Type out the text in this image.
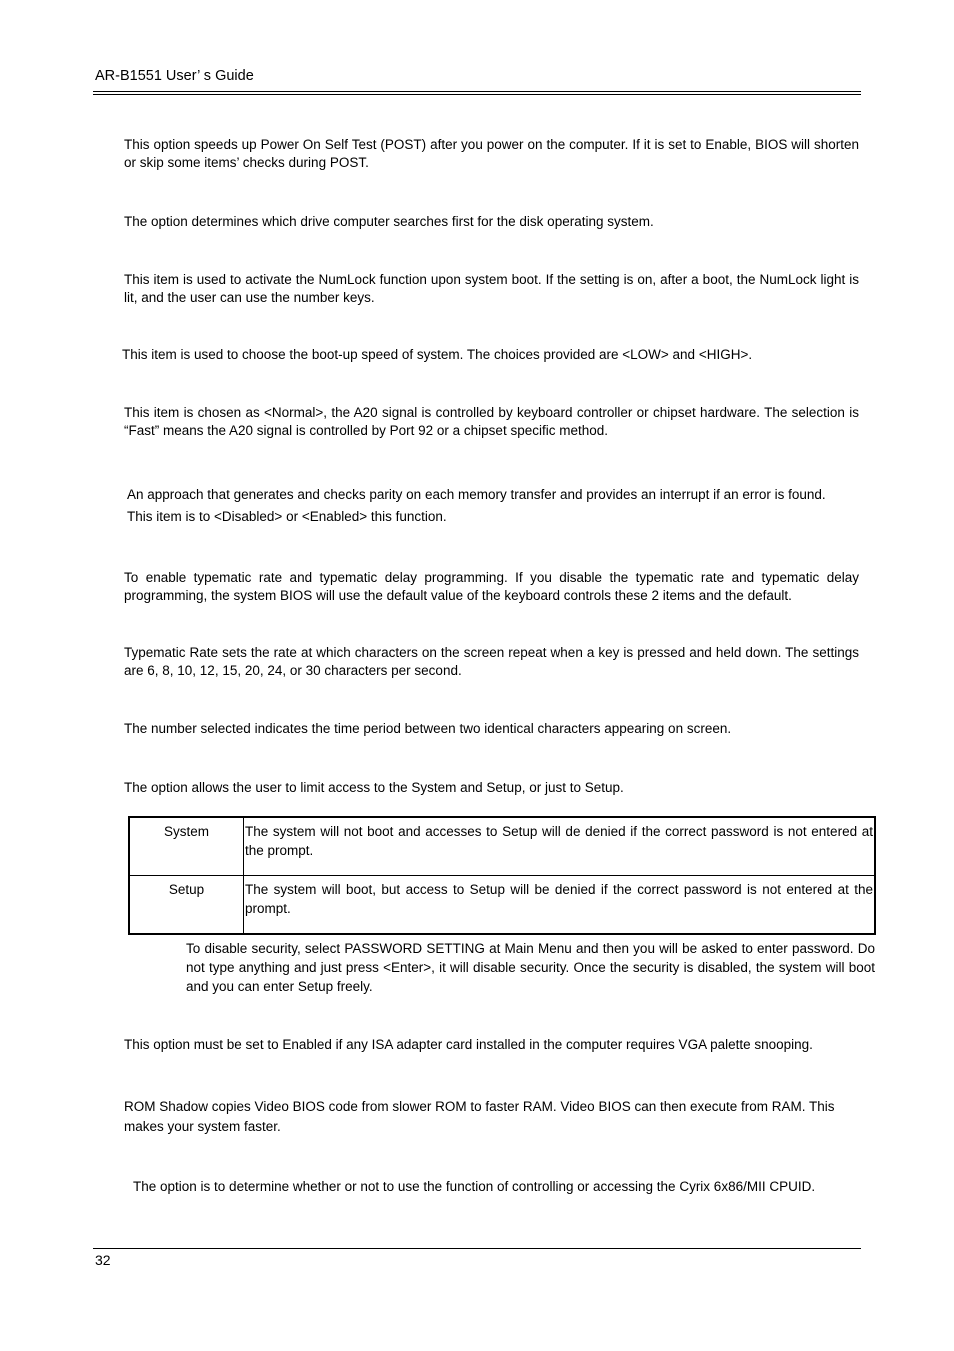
AR-B1551 User’ s Guide
This option speeds up Power On Self Test (POST) after you power on the computer. If it is set to Enable, BIOS will shorten or skip some items’ checks during POST.
The option determines which drive computer searches first for the disk operating system.
This item is used to activate the NumLock function upon system boot. If the setting is on, after a boot, the NumLock light is lit, and the user can use the number keys.
This item is used to choose the boot-up speed of system. The choices provided are <LOW> and <HIGH>.
This item is chosen as <Normal>, the A20 signal is controlled by keyboard controller or chipset hardware. The selection is “Fast” means the A20 signal is controlled by Port 92 or a chipset specific method.
An approach that generates and checks parity on each memory transfer and provides an interrupt if an error is found. This item is to <Disabled> or <Enabled> this function.
To enable typematic rate and typematic delay programming. If you disable the typematic rate and typematic delay programming, the system BIOS will use the default value of the keyboard controls these 2 items and the default.
Typematic Rate sets the rate at which characters on the screen repeat when a key is pressed and held down. The settings are 6, 8, 10, 12, 15, 20, 24, or 30 characters per second.
The number selected indicates the time period between two identical characters appearing on screen.
The option allows the user to limit access to the System and Setup, or just to Setup.
System	The system will not boot and accesses to Setup will de denied if the correct password is not entered at the prompt.
Setup	The system will boot, but access to Setup will be denied if the correct password is not entered at the prompt.
To disable security, select PASSWORD SETTING at Main Menu and then you will be asked to enter password. Do not type anything and just press <Enter>, it will disable security. Once the security is disabled, the system will boot and you can enter Setup freely.
This option must be set to Enabled if any ISA adapter card installed in the computer requires VGA palette snooping.
ROM Shadow copies Video BIOS code from slower ROM to faster RAM. Video BIOS can then execute from RAM. This makes your system faster.
The option is to determine whether or not to use the function of controlling or accessing the Cyrix 6x86/MII CPUID.
32
